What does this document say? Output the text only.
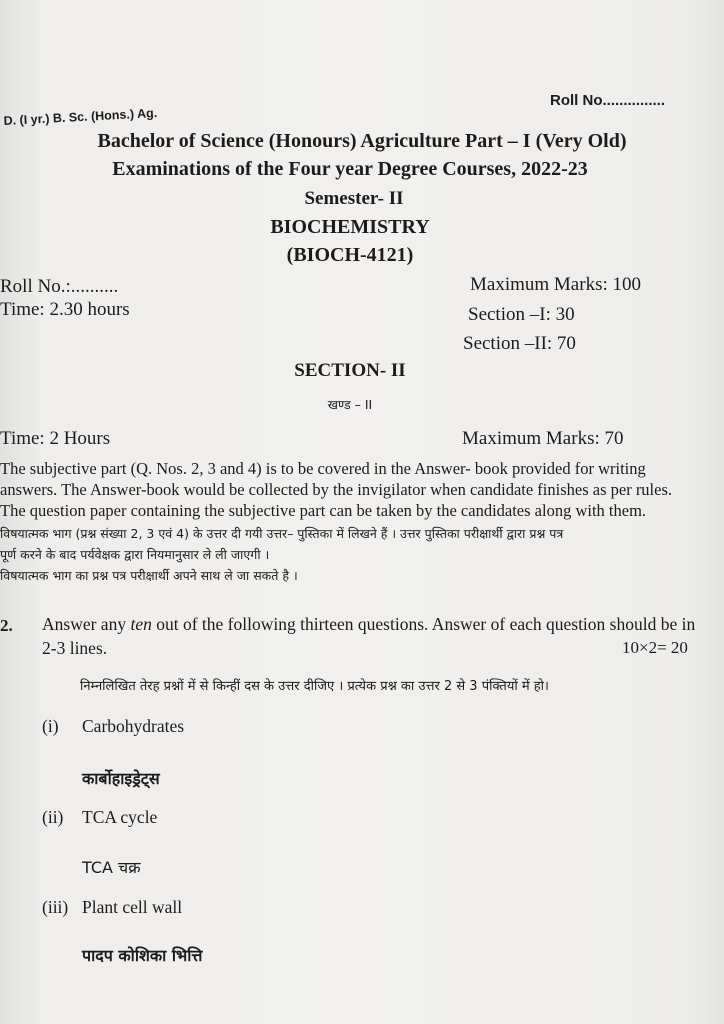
D. (I yr.) B. Sc. (Hons.) Ag.
Roll No...............
Bachelor of Science (Honours) Agriculture Part – I (Very Old)
Examinations of the Four year Degree Courses, 2022-23
Semester- II
BIOCHEMISTRY
(BIOCH-4121)
Roll No.:..........
Time: 2.30 hours
Maximum Marks: 100
Section –I: 30
Section –II: 70
SECTION- II
खण्ड – II
Time: 2 Hours	Maximum Marks: 70
The subjective part (Q. Nos. 2, 3 and 4) is to be covered in the Answer- book provided for writing
answers. The Answer-book would be collected by the invigilator when candidate finishes as per rules.
The question paper containing the subjective part can be taken by the candidates along with them.
विषयात्मक भाग (प्रश्न संख्या 2, 3 एवं 4) के उत्तर दी गयी उत्तर– पुस्तिका में लिखने हैं । उत्तर पुस्तिका परीक्षार्थी द्वारा प्रश्न पत्र
पूर्ण करने के बाद पर्यवेक्षक द्वारा नियमानुसार ले ली जाएगी ।
विषयात्मक भाग का प्रश्न पत्र परीक्षार्थी अपने साथ ले जा सकते है ।
2. Answer any ten out of the following thirteen questions. Answer of each question should be in
2-3 lines.	10×2= 20
निम्नलिखित तेरह प्रश्नों में से किन्हीं दस के उत्तर दीजिए । प्रत्येक प्रश्न का उत्तर 2 से 3 पंक्तियों में हो।
(i) Carbohydrates
कार्बोहाइड्रेट्स
(ii) TCA cycle
TCA चक्र
(iii) Plant cell wall
पादप कोशिका भित्ति
